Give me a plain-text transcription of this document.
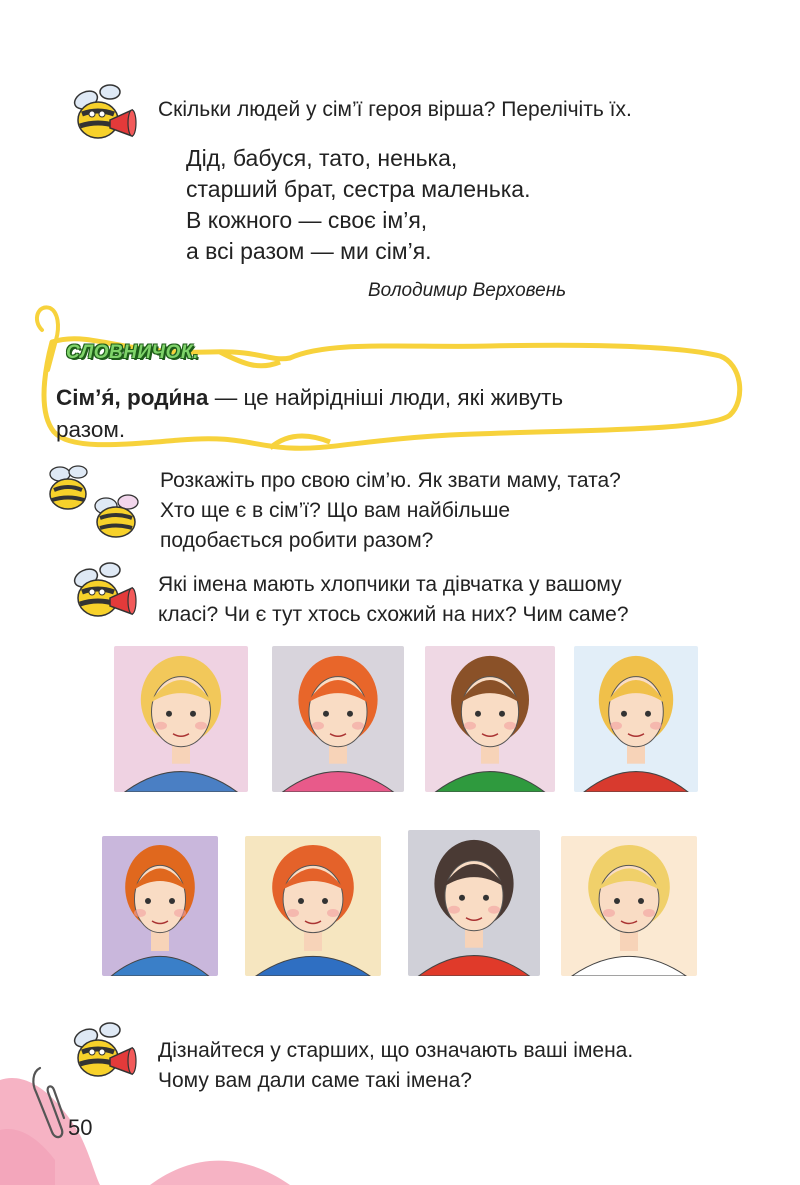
Скільки людей у сім’ї героя вірша? Перелічіть їх.
Дід, бабуся, тато, ненька,
старший брат, сестра маленька.
В кожного — своє ім’я,
а всі разом — ми сім’я.
Володимир Верховень
СЛОВНИЧОК.
Сім’я́, роди́на — це найрідніші люди, які живуть
разом.
Розкажіть про свою сім’ю. Як звати маму, тата?
Хто ще є в сім’ї? Що вам найбільше
подобається робити разом?
Які імена мають хлопчики та дівчатка у вашому
класі? Чи є тут хтось схожий на них? Чим саме?
Дізнайтеся у старших, що означають ваші імена.
Чому вам дали саме такі імена?
50
